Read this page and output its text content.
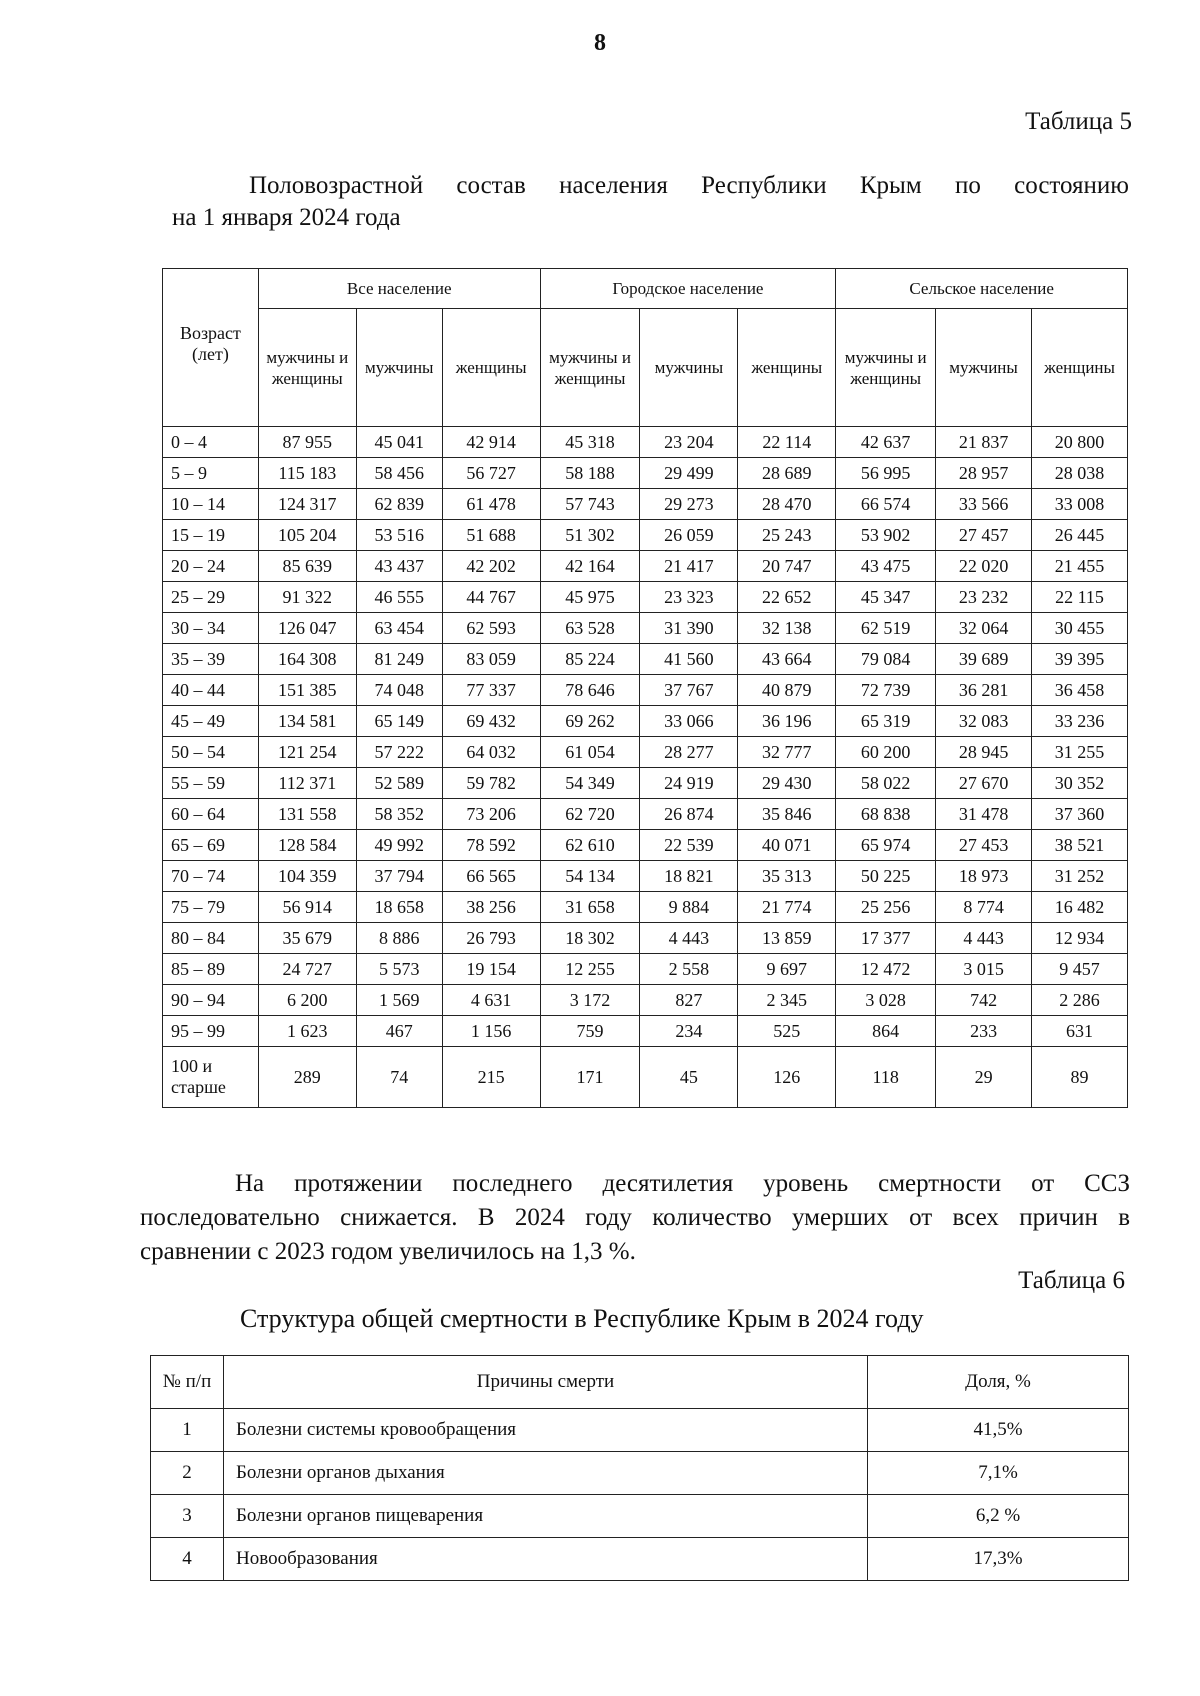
8
Таблица 5
Половозрастной состав населения Республики Крым по состоянию
на 1 января 2024 года
Возраст (лет)	Все население			Городское население			Сельское население		
	мужчины и женщины	мужчины	женщины	мужчины и женщины	мужчины	женщины	мужчины и женщины	мужчины	женщины
0 – 4	87 955	45 041	42 914	45 318	23 204	22 114	42 637	21 837	20 800
5 – 9	115 183	58 456	56 727	58 188	29 499	28 689	56 995	28 957	28 038
10 – 14	124 317	62 839	61 478	57 743	29 273	28 470	66 574	33 566	33 008
15 – 19	105 204	53 516	51 688	51 302	26 059	25 243	53 902	27 457	26 445
20 – 24	85 639	43 437	42 202	42 164	21 417	20 747	43 475	22 020	21 455
25 – 29	91 322	46 555	44 767	45 975	23 323	22 652	45 347	23 232	22 115
30 – 34	126 047	63 454	62 593	63 528	31 390	32 138	62 519	32 064	30 455
35 – 39	164 308	81 249	83 059	85 224	41 560	43 664	79 084	39 689	39 395
40 – 44	151 385	74 048	77 337	78 646	37 767	40 879	72 739	36 281	36 458
45 – 49	134 581	65 149	69 432	69 262	33 066	36 196	65 319	32 083	33 236
50 – 54	121 254	57 222	64 032	61 054	28 277	32 777	60 200	28 945	31 255
55 – 59	112 371	52 589	59 782	54 349	24 919	29 430	58 022	27 670	30 352
60 – 64	131 558	58 352	73 206	62 720	26 874	35 846	68 838	31 478	37 360
65 – 69	128 584	49 992	78 592	62 610	22 539	40 071	65 974	27 453	38 521
70 – 74	104 359	37 794	66 565	54 134	18 821	35 313	50 225	18 973	31 252
75 – 79	56 914	18 658	38 256	31 658	9 884	21 774	25 256	8 774	16 482
80 – 84	35 679	8 886	26 793	18 302	4 443	13 859	17 377	4 443	12 934
85 – 89	24 727	5 573	19 154	12 255	2 558	9 697	12 472	3 015	9 457
90 – 94	6 200	1 569	4 631	3 172	827	2 345	3 028	742	2 286
95 – 99	1 623	467	1 156	759	234	525	864	233	631
100 и старше	289	74	215	171	45	126	118	29	89
На протяжении последнего десятилетия уровень смертности от ССЗ
последовательно снижается. В 2024 году количество умерших от всех причин в
сравнении с 2023 годом увеличилось на 1,3 %.
Таблица 6
Структура общей смертности в Республике Крым в 2024 году
№ п/п	Причины смерти	Доля, %
1	Болезни системы кровообращения	41,5%
2	Болезни органов дыхания	7,1%
3	Болезни органов пищеварения	6,2 %
4	Новообразования	17,3%
